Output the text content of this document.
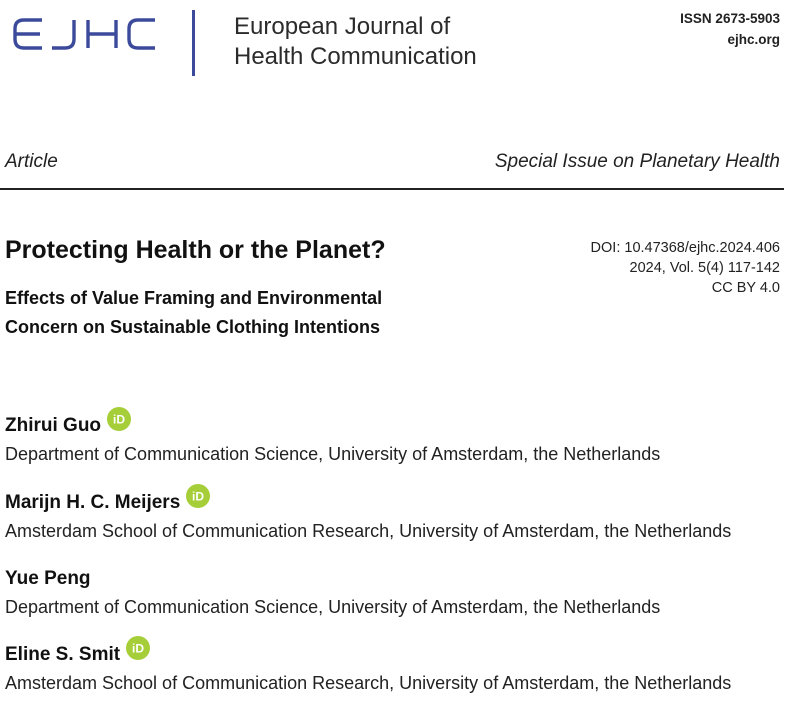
European Journal of
Health Communication
ISSN 2673-5903
ejhc.org
Article	Special Issue on Planetary Health
Protecting Health or the Planet?
Effects of Value Framing and Environmental
Concern on Sustainable Clothing Intentions
DOI: 10.47368/ejhc.2024.406
2024, Vol. 5(4) 117-142
CC BY 4.0
Zhirui Guo iD
Department of Communication Science, University of Amsterdam, the Netherlands
Marijn H. C. Meijers iD
Amsterdam School of Communication Research, University of Amsterdam, the Netherlands
Yue Peng
Department of Communication Science, University of Amsterdam, the Netherlands
Eline S. Smit iD
Amsterdam School of Communication Research, University of Amsterdam, the Netherlands
